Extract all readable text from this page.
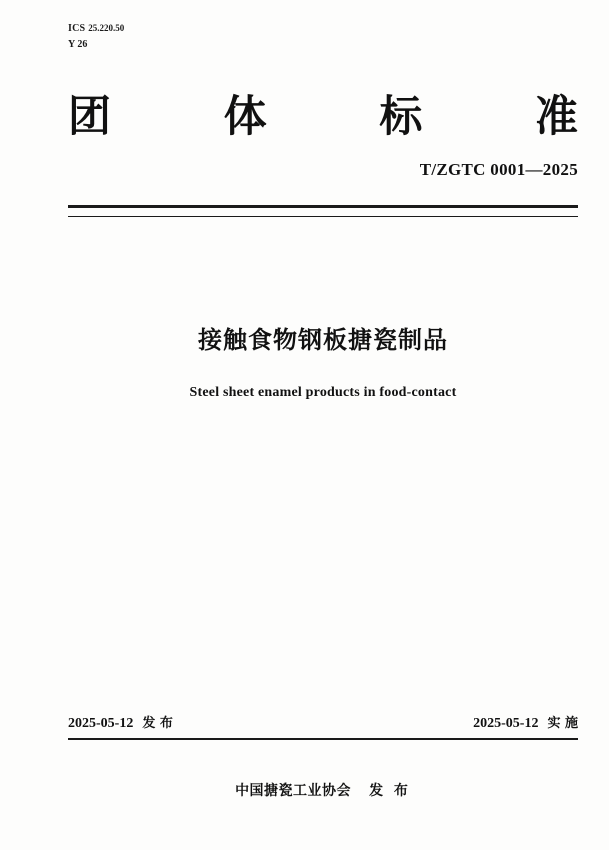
ICS 25.220.50
Y 26
团	体	标	准
T/ZGTC 0001—2025
接触食物钢板搪瓷制品
Steel sheet enamel products in food-contact
2025-05-12 发 布	2025-05-12 实 施
中国搪瓷工业协会 发 布
